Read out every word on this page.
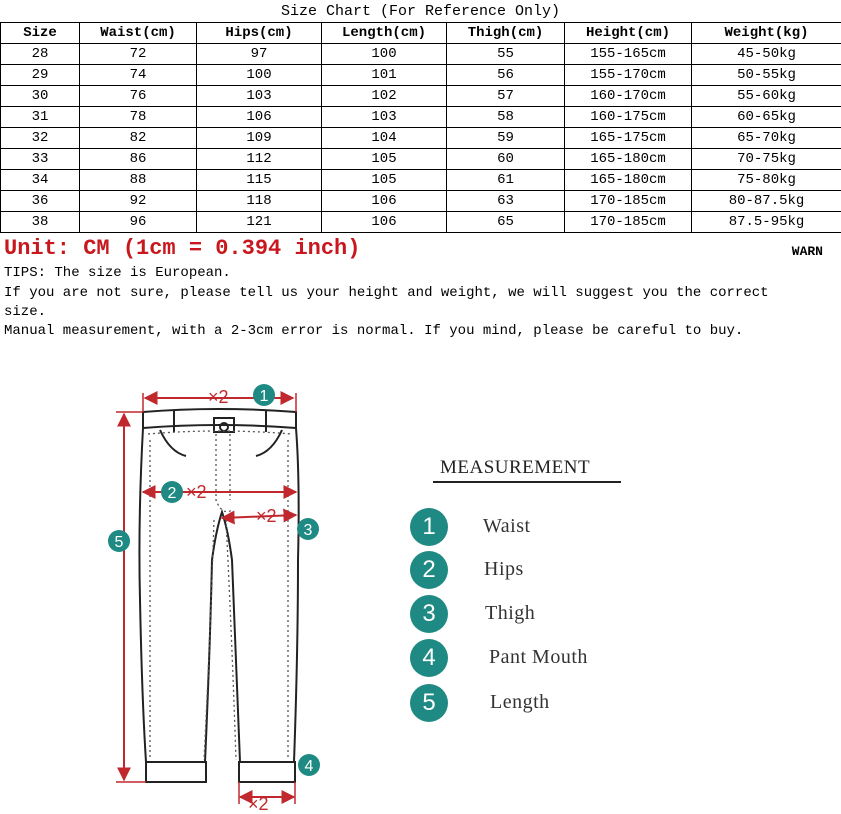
Size Chart (For Reference Only)
Size	Waist(cm)	Hips(cm)	Length(cm)	Thigh(cm)	Height(cm)	Weight(kg)
28	72	97	100	55	155-165cm	45-50kg
29	74	100	101	56	155-170cm	50-55kg
30	76	103	102	57	160-170cm	55-60kg
31	78	106	103	58	160-175cm	60-65kg
32	82	109	104	59	165-175cm	65-70kg
33	86	112	105	60	165-180cm	70-75kg
34	88	115	105	61	165-180cm	75-80kg
36	92	118	106	63	170-185cm	80-87.5kg
38	96	121	106	65	170-185cm	87.5-95kg
Unit: CM (1cm = 0.394 inch)	WARN
TIPS: The size is European.
If you are not sure, please tell us your height and weight, we will suggest you the correct
size.
Manual measurement, with a 2-3cm error is normal. If you mind, please be careful to buy.
×2
×2
×2
×2
1
2
3
4
5
MEASUREMENT
1	Waist
2	Hips
3	Thigh
4	Pant Mouth
5	Length
